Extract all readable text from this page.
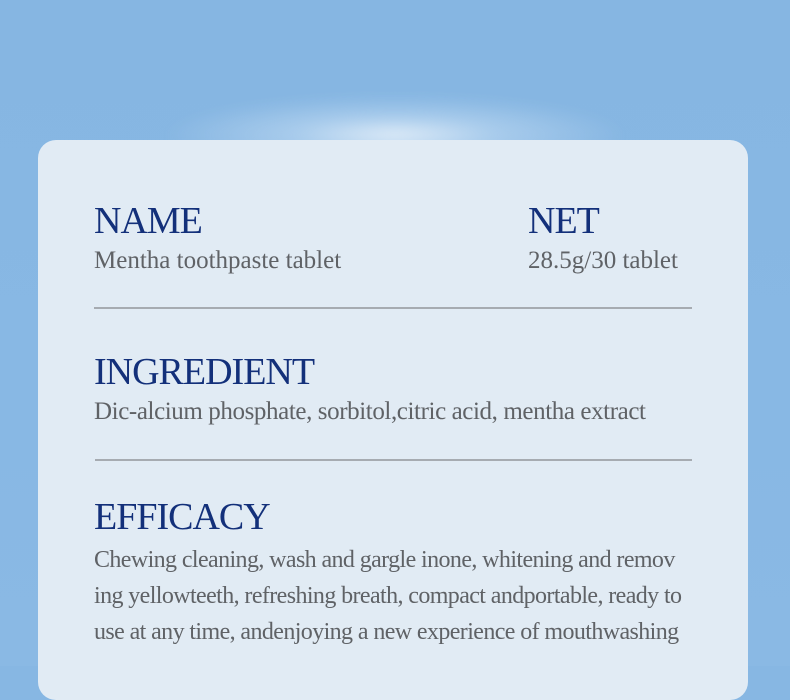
NAME

Mentha toothpaste tablet

NET

28.5g/30 tablet

INGREDIENT

Dic-alcium phosphate, sorbitol,citric acid, mentha extract

EFFICACY
Chewing cleaning, wash and gargle inone, whitening and remov
ing yellowteeth, refreshing breath, compact andportable, ready to
use at any time, andenjoying a new experience of mouthwashing
